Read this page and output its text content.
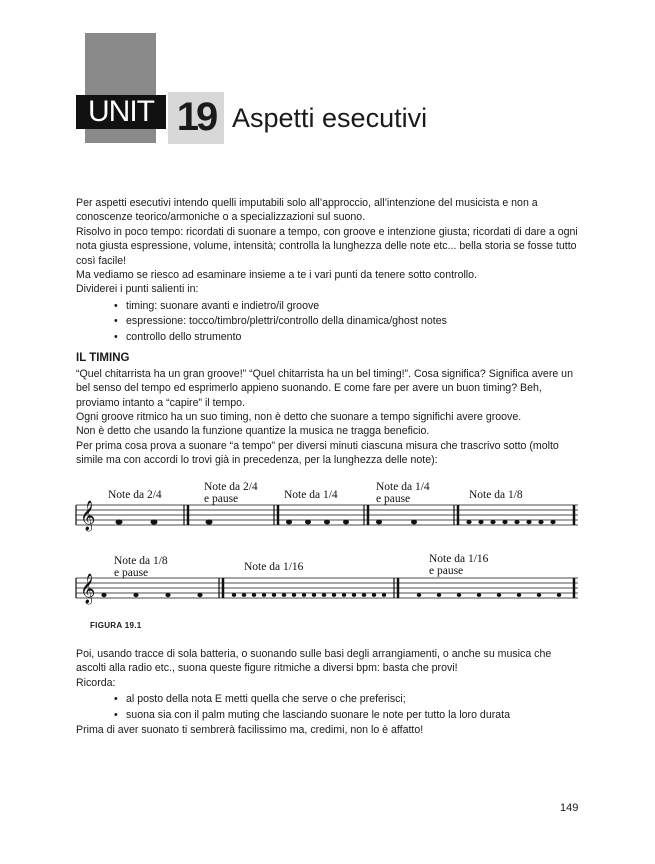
UNIT 19 Aspetti esecutivi

Per aspetti esecutivi intendo quelli imputabili solo all’approccio, all’intenzione del musicista e non a conoscenze teorico/armoniche o a specializzazioni sul suono.

Risolvo in poco tempo: ricordati di suonare a tempo, con groove e intenzione giusta; ricordati di dare a ogni nota giusta espressione, volume, intensità; controlla la lunghezza delle note etc... bella storia se fosse tutto così facile!

Ma vediamo se riesco ad esaminare insieme a te i vari punti da tenere sotto controllo.

Dividerei i punti salienti in:

• timing: suonare avanti e indietro/il groove
• espressione: tocco/timbro/plettri/controllo della dinamica/ghost notes
• controllo dello strumento
IL TIMING

“Quel chitarrista ha un gran groove!” “Quel chitarrista ha un bel timing!”. Cosa significa? Significa avere un bel senso del tempo ed esprimerlo appieno suonando. E come fare per avere un buon timing? Beh, proviamo intanto a “capire” il tempo.

Ogni groove ritmico ha un suo timing, non è detto che suonare a tempo significhi avere groove.

Non è detto che usando la funzione quantize la musica ne tragga beneficio.

Per prima cosa prova a suonare “a tempo” per diversi minuti ciascuna misura che trascrivo sotto (molto simile ma con accordi lo trovi già in precedenza, per la lunghezza delle note):

𝄞
𝄞
Note da 2/4
Note da 2/4
e pause	Note da 1/4
Note da 1/4
e pause	Note da 1/8
Note da 1/8
e pause	Note da 1/16
Note da 1/16
e pause
FIGURA 19.1

Poi, usando tracce di sola batteria, o suonando sulle basi degli arrangiamenti, o anche su musica che ascolti alla radio etc., suona queste figure ritmiche a diversi bpm: basta che provi!

Ricorda:

• al posto della nota E metti quella che serve o che preferisci;
• suona sia con il palm muting che lasciando suonare le note per tutto la loro durata

Prima di aver suonato ti sembrerà facilissimo ma, credimi, non lo è affatto!

149
